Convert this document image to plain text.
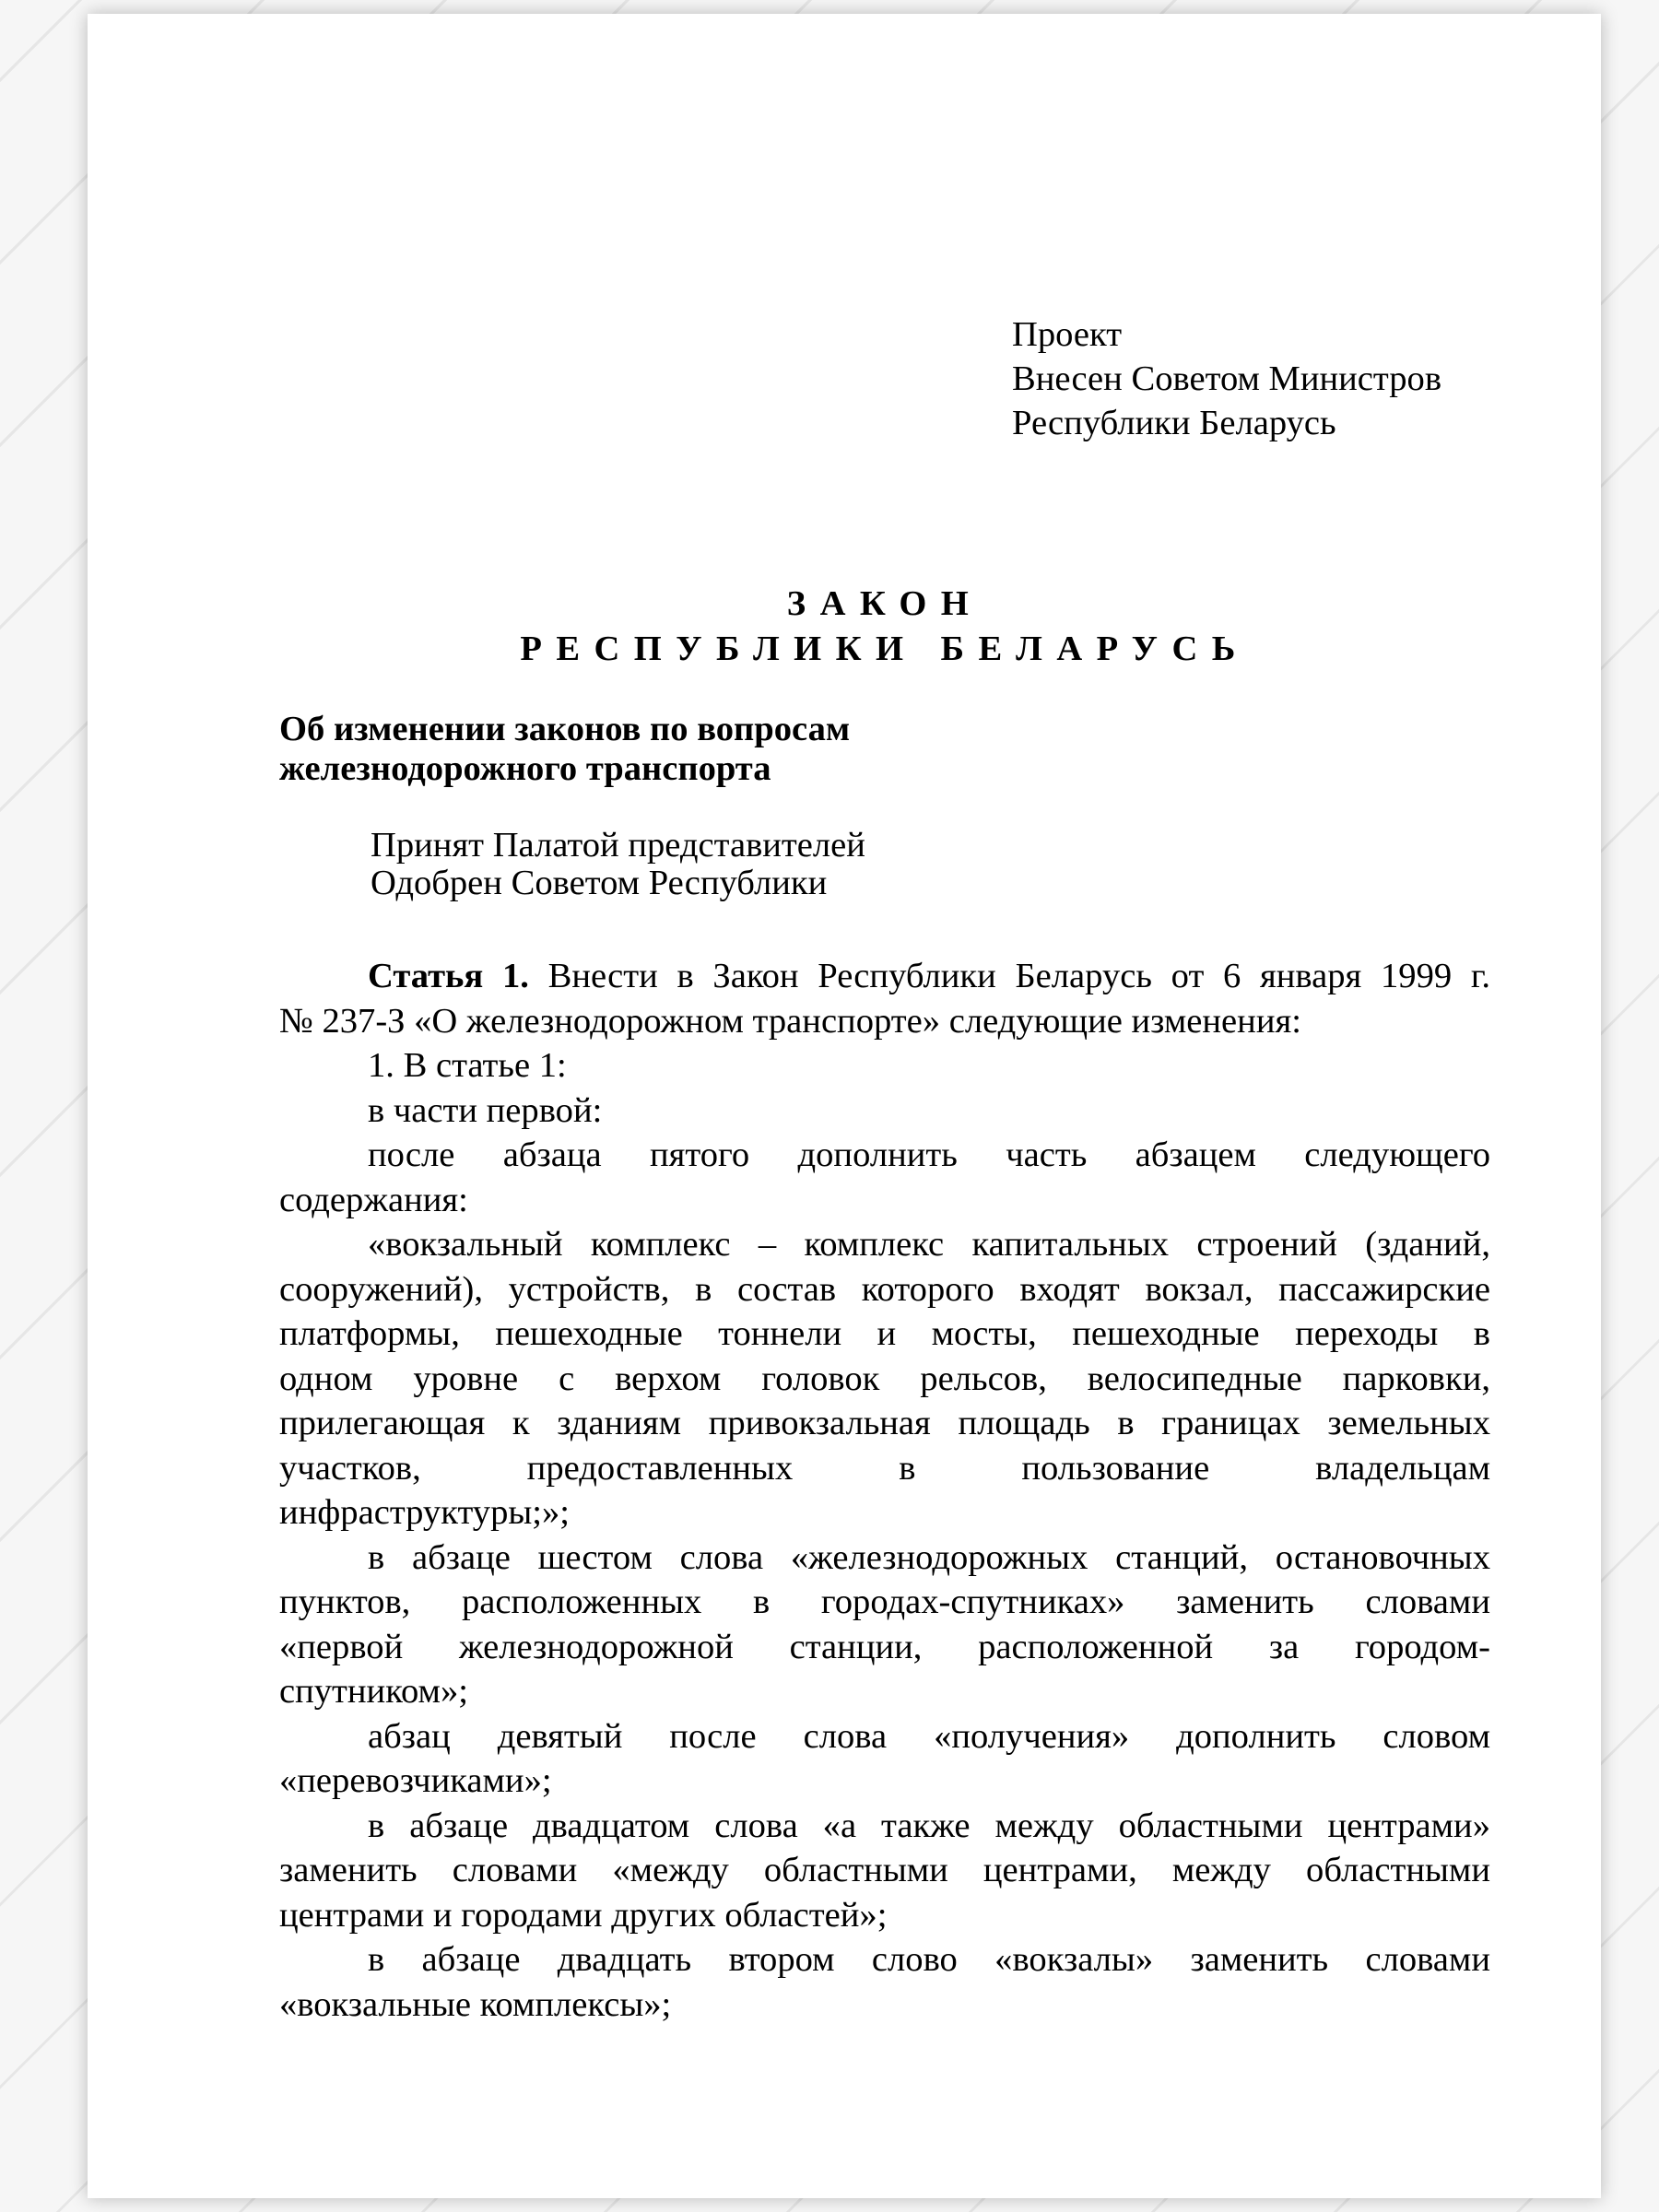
Проект
Внесен Советом Министров
Республики Беларусь
ЗАКОН
РЕСПУБЛИКИ БЕЛАРУСЬ
Об изменении законов по вопросам
железнодорожного транспорта
Принят Палатой представителей
Одобрен Советом Республики
Статья 1. Внести в Закон Республики Беларусь от 6 января 1999 г.
№ 237-З «О железнодорожном транспорте» следующие изменения:
1. В статье 1:
в части первой:
после абзаца пятого дополнить часть абзацем следующего
содержания:
«вокзальный комплекс – комплекс капитальных строений (зданий,
сооружений), устройств, в состав которого входят вокзал, пассажирские
платформы, пешеходные тоннели и мосты, пешеходные переходы в
одном уровне с верхом головок рельсов, велосипедные парковки,
прилегающая к зданиям привокзальная площадь в границах земельных
участков, предоставленных в пользование владельцам
инфраструктуры;»;
в абзаце шестом слова «железнодорожных станций, остановочных
пунктов, расположенных в городах-спутниках» заменить словами
«первой железнодорожной станции, расположенной за городом-
спутником»;
абзац девятый после слова «получения» дополнить словом
«перевозчиками»;
в абзаце двадцатом слова «а также между областными центрами»
заменить словами «между областными центрами, между областными
центрами и городами других областей»;
в абзаце двадцать втором слово «вокзалы» заменить словами
«вокзальные комплексы»;
